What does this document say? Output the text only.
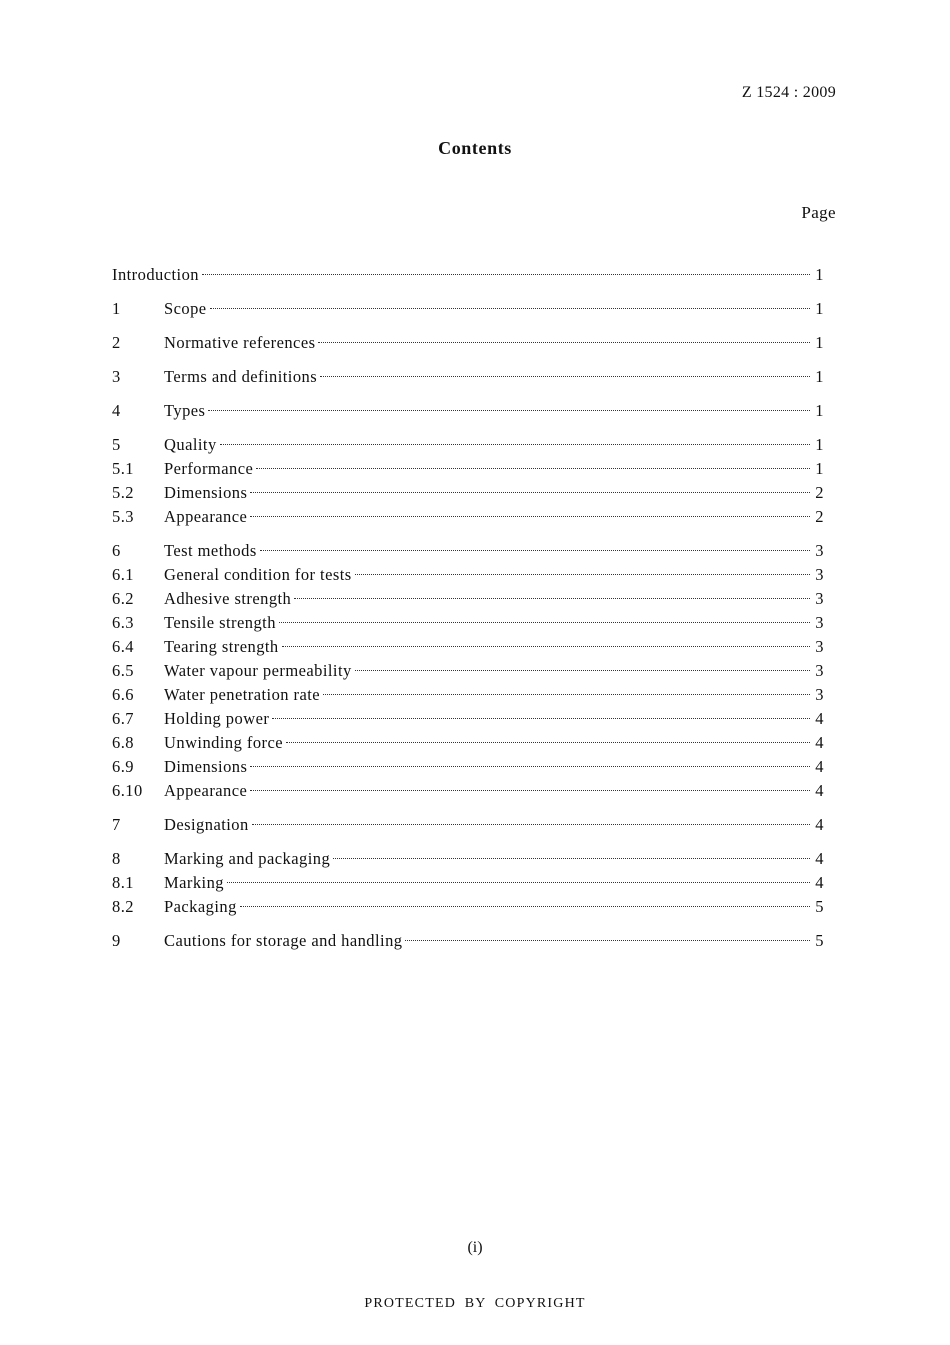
Z 1524 : 2009
Contents
Page
Introduction	1
1	Scope	1
2	Normative references	1
3	Terms and definitions	1
4	Types	1
5	Quality	1
5.1	Performance	1
5.2	Dimensions	2
5.3	Appearance	2
6	Test methods	3
6.1	General condition for tests	3
6.2	Adhesive strength	3
6.3	Tensile strength	3
6.4	Tearing strength	3
6.5	Water vapour permeability	3
6.6	Water penetration rate	3
6.7	Holding power	4
6.8	Unwinding force	4
6.9	Dimensions	4
6.10	Appearance	4
7	Designation	4
8	Marking and packaging	4
8.1	Marking	4
8.2	Packaging	5
9	Cautions for storage and handling	5
(i)
PROTECTED BY COPYRIGHT
